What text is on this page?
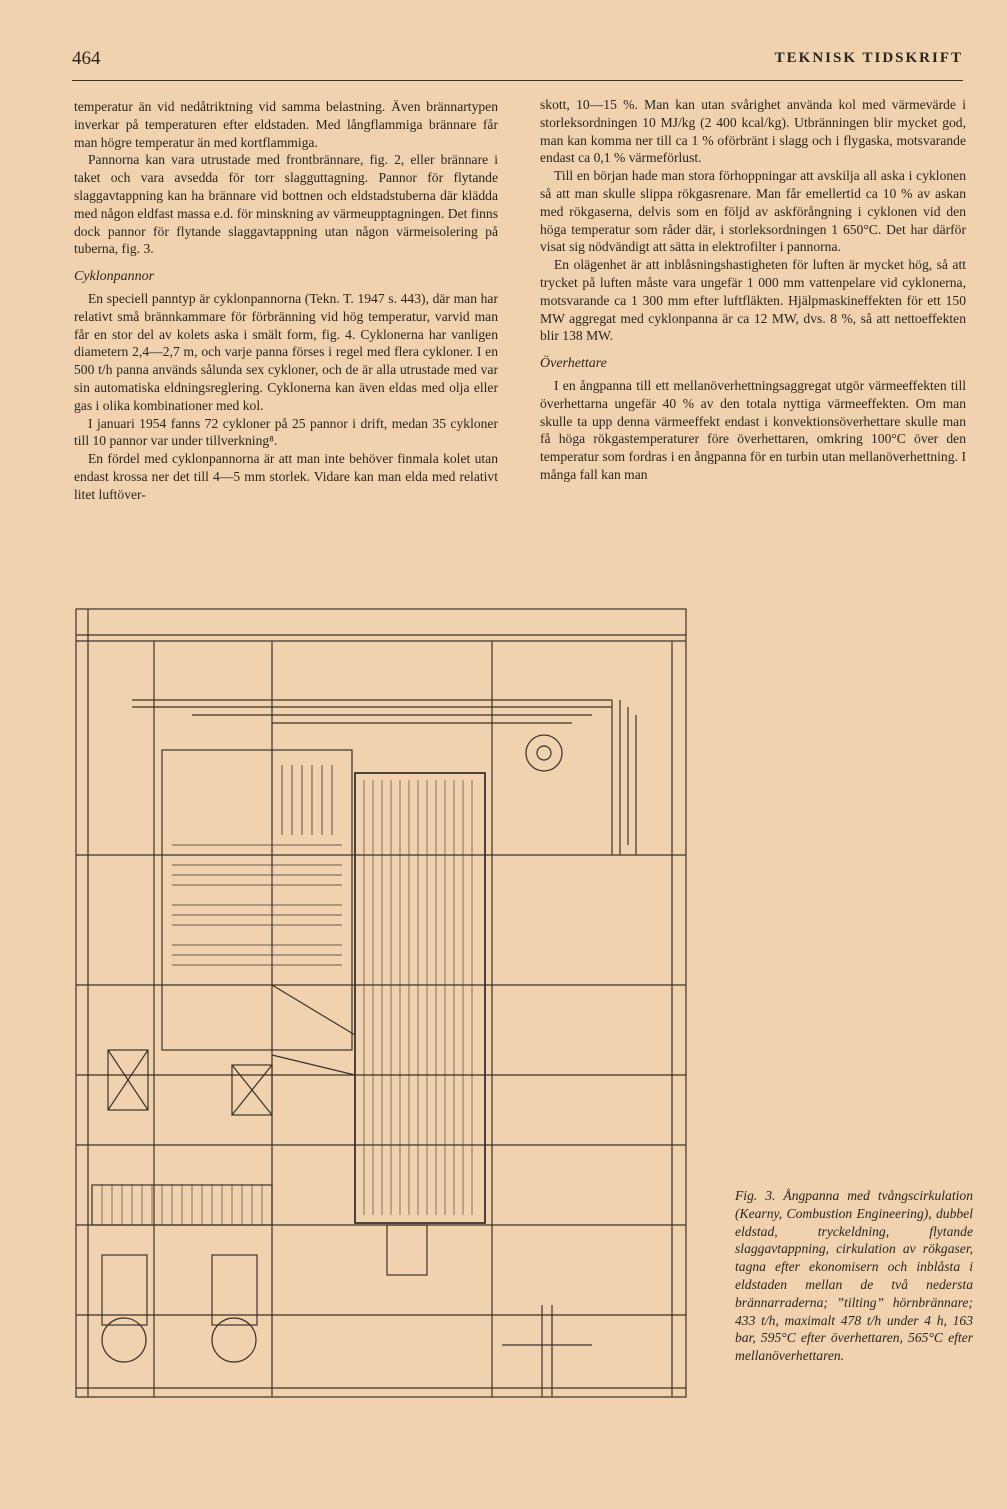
464	TEKNISK TIDSKRIFT

temperatur än vid nedåtriktning vid samma belastning. Även brännartypen inverkar på temperaturen efter eldstaden. Med långflammiga brännare får man högre temperatur än med kortflammiga.

Pannorna kan vara utrustade med frontbrännare, fig. 2, eller brännare i taket och vara avsedda för torr slagguttagning. Pannor för flytande slaggavtappning kan ha brännare vid bottnen och eldstadstuberna där klädda med någon eldfast massa e.d. för minskning av värmeupptagningen. Det finns dock pannor för flytande slaggavtappning utan någon värmeisolering på tuberna, fig. 3.

Cyklonpannor

En speciell panntyp är cyklonpannorna (Tekn. T. 1947 s. 443), där man har relativt små brännkammare för förbränning vid hög temperatur, varvid man får en stor del av kolets aska i smält form, fig. 4. Cyklonerna har vanligen diametern 2,4—2,7 m, och varje panna förses i regel med flera cykloner. I en 500 t/h panna används sålunda sex cykloner, och de är alla utrustade med var sin automatiska eldningsreglering. Cyklonerna kan även eldas med olja eller gas i olika kombinationer med kol.

I januari 1954 fanns 72 cykloner på 25 pannor i drift, medan 35 cykloner till 10 pannor var under tillverkning⁸.

En fördel med cyklonpannorna är att man inte behöver finmala kolet utan endast krossa ner det till 4—5 mm storlek. Vidare kan man elda med relativt litet luftöver-

skott, 10—15 %. Man kan utan svårighet använda kol med värmevärde i storleksordningen 10 MJ/kg (2 400 kcal/kg). Utbränningen blir mycket god, man kan komma ner till ca 1 % oförbränt i slagg och i flygaska, motsvarande endast ca 0,1 % värmeförlust.

Till en början hade man stora förhoppningar att avskilja all aska i cyklonen så att man skulle slippa rökgasrenare. Man får emellertid ca 10 % av askan med rökgaserna, delvis som en följd av askförångning i cyklonen vid den höga temperatur som råder där, i storleksordningen 1 650°C. Det har därför visat sig nödvändigt att sätta in elektrofilter i pannorna.

En olägenhet är att inblåsningshastigheten för luften är mycket hög, så att trycket på luften måste vara ungefär 1 000 mm vattenpelare vid cyklonerna, motsvarande ca 1 300 mm efter luftfläkten. Hjälpmaskineffekten för ett 150 MW aggregat med cyklonpanna är ca 12 MW, dvs. 8 %, så att nettoeffekten blir 138 MW.

Överhettare

I en ångpanna till ett mellanöverhettningsaggregat utgör värmeeffekten till överhettarna ungefär 40 % av den totala nyttiga värmeeffekten. Om man skulle ta upp denna värmeeffekt endast i konvektionsöverhettare skulle man få höga rökgastemperaturer före överhettaren, omkring 100°C över den temperatur som fordras i en ångpanna för en turbin utan mellanöverhettning. I många fall kan man

Fig. 3. Ångpanna med tvångscirkulation (Kearny, Combustion Engineering), dubbel eldstad, tryckeldning, flytande slaggavtappning, cirkulation av rökgaser, tagna efter ekonomisern och inblåsta i eldstaden mellan de två nedersta brännarraderna; ”tilting” hörnbrännare; 433 t/h, maximalt 478 t/h under 4 h, 163 bar, 595°C efter överhettaren, 565°C efter mellanöverhettaren.
